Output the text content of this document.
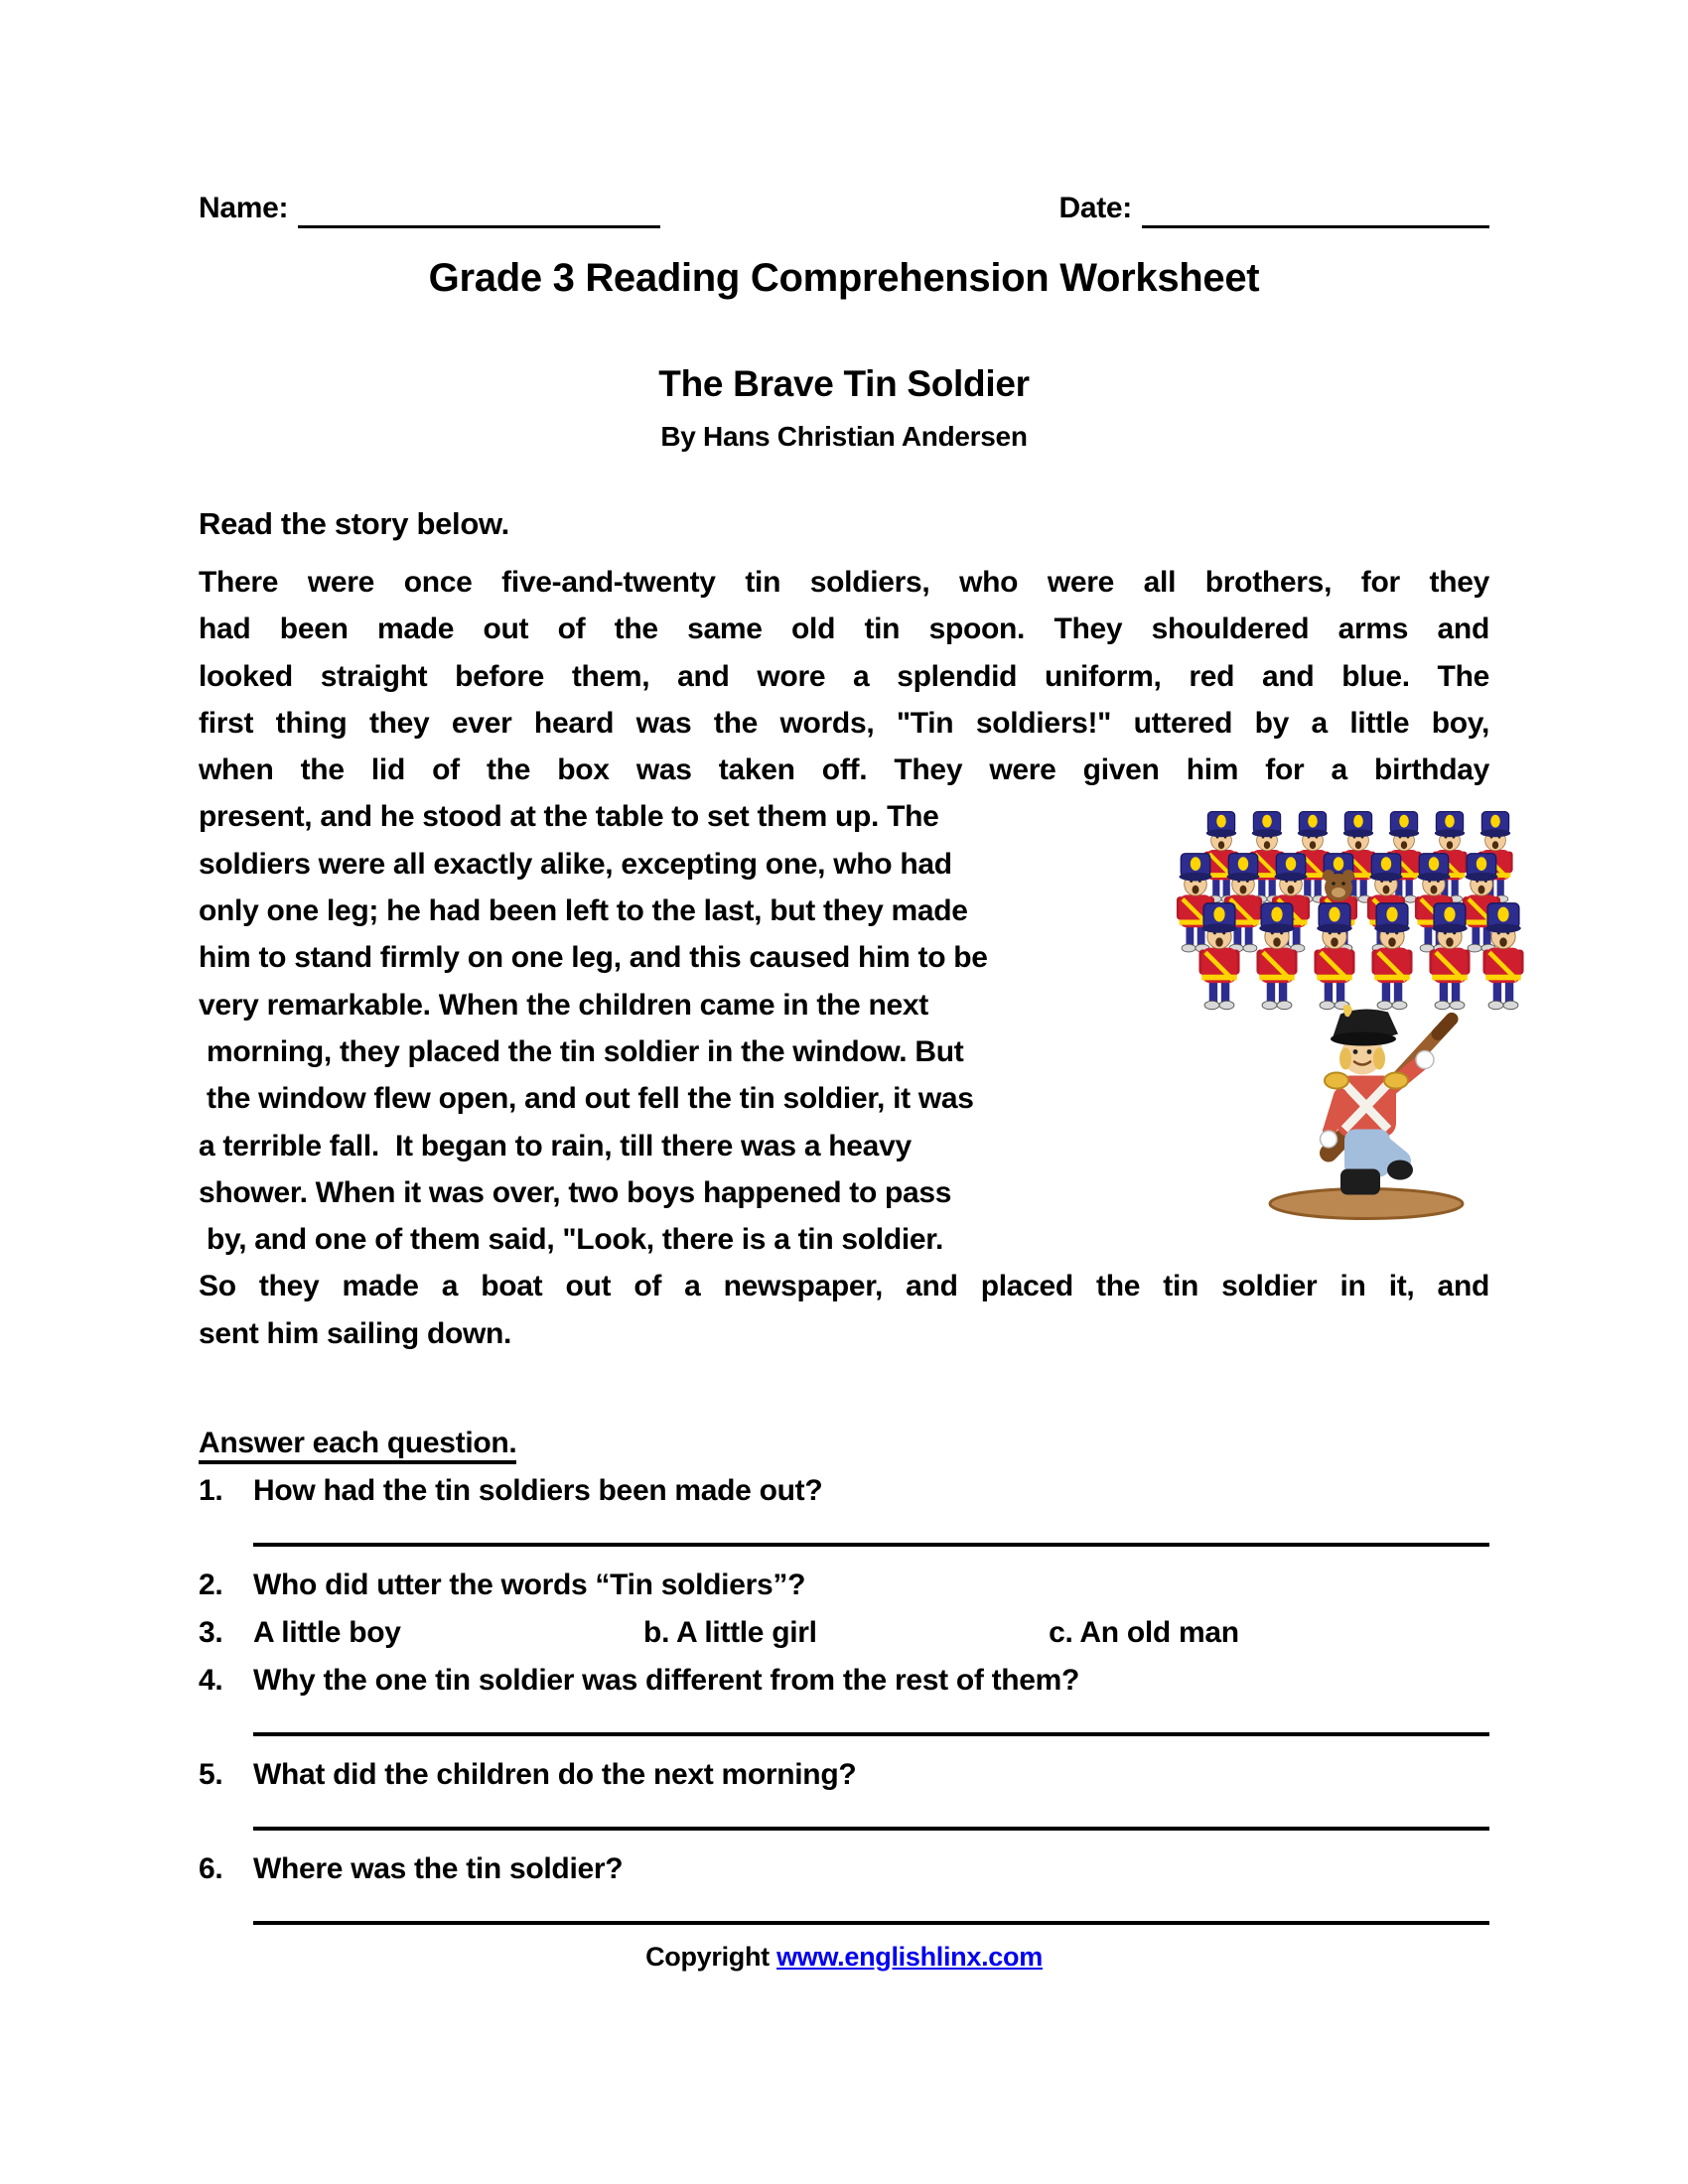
Name:	Date:
Grade 3 Reading Comprehension Worksheet
The Brave Tin Soldier
By Hans Christian Andersen
Read the story below.
There were once five-and-twenty tin soldiers, who were all brothers, for they
had been made out of the same old tin spoon. They shouldered arms and
looked straight before them, and wore a splendid uniform, red and blue. The
first thing they ever heard was the words, "Tin soldiers!" uttered by a little boy,
when the lid of the box was taken off. They were given him for a birthday
present, and he stood at the table to set them up. The
soldiers were all exactly alike, excepting one, who had
only one leg; he had been left to the last, but they made
him to stand firmly on one leg, and this caused him to be
very remarkable. When the children came in the next
morning, they placed the tin soldier in the window. But
the window flew open, and out fell the tin soldier, it was
a terrible fall.  It began to rain, till there was a heavy
shower. When it was over, two boys happened to pass
by, and one of them said, "Look, there is a tin soldier.
So they made a boat out of a newspaper, and placed the tin soldier in it, and
sent him sailing down.
Answer each question.
1.	How had the tin soldiers been made out?
2.	Who did utter the words “Tin soldiers”?
3.	A little boy	b. A little girl	c. An old man
4.	Why the one tin soldier was different from the rest of them?
5.	What did the children do the next morning?
6.	Where was the tin soldier?
Copyright www.englishlinx.com
